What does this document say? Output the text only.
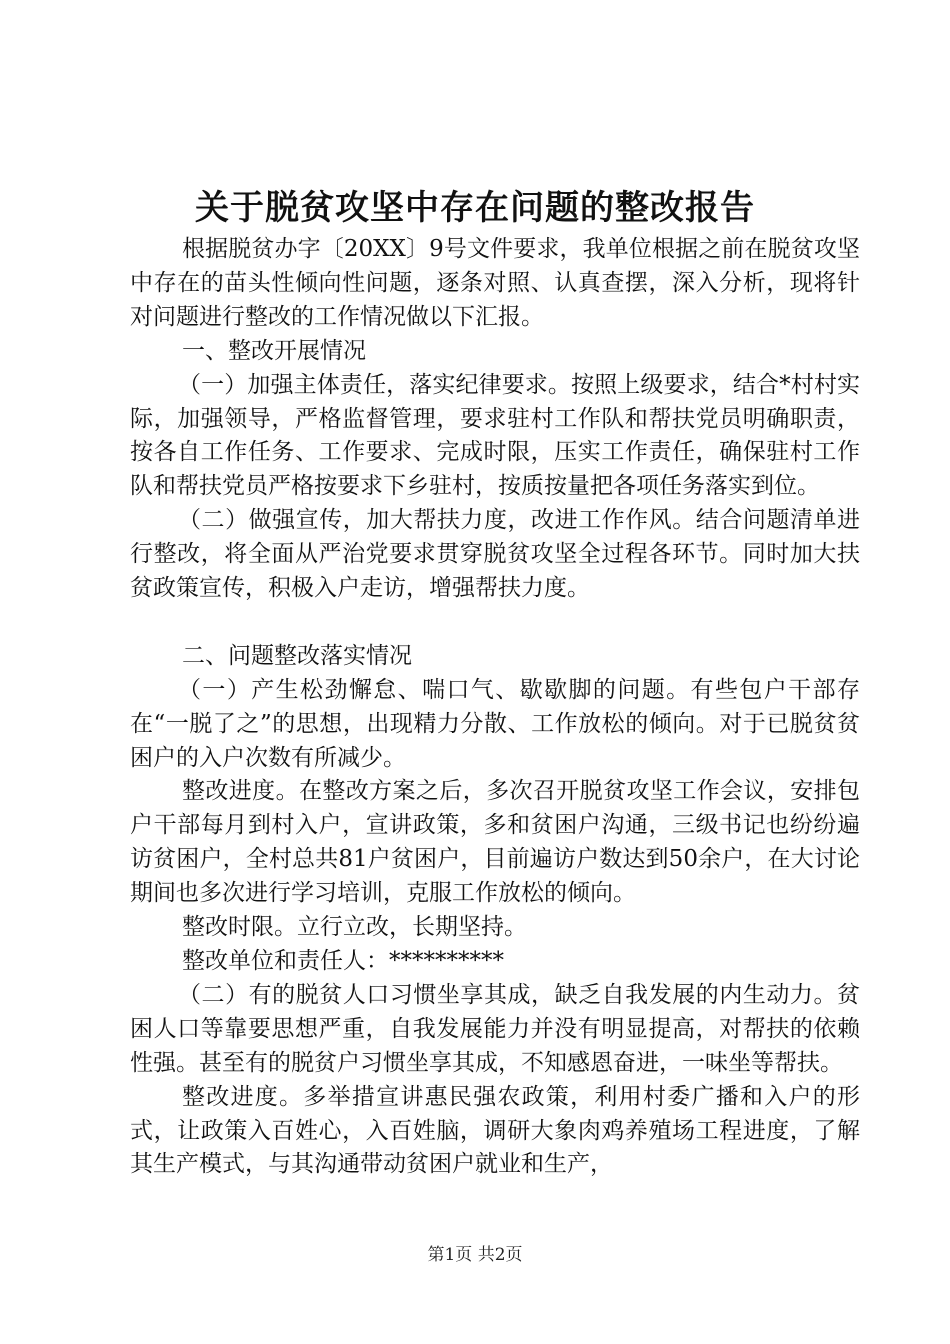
关于脱贫攻坚中存在问题的整改报告

根据脱贫办字〔20XX〕9号文件要求，我单位根据之前在脱贫攻坚中存在的苗头性倾向性问题，逐条对照、认真查摆，深入分析，现将针对问题进行整改的工作情况做以下汇报。

一、整改开展情况

（一）加强主体责任，落实纪律要求。按照上级要求，结合*村村实际，加强领导，严格监督管理，要求驻村工作队和帮扶党员明确职责，按各自工作任务、工作要求、完成时限，压实工作责任，确保驻村工作队和帮扶党员严格按要求下乡驻村，按质按量把各项任务落实到位。

（二）做强宣传，加大帮扶力度，改进工作作风。结合问题清单进行整改，将全面从严治党要求贯穿脱贫攻坚全过程各环节。同时加大扶贫政策宣传，积极入户走访，增强帮扶力度。

二、问题整改落实情况

（一）产生松劲懈怠、喘口气、歇歇脚的问题。有些包户干部存在“一脱了之”的思想，出现精力分散、工作放松的倾向。对于已脱贫贫困户的入户次数有所减少。

整改进度。在整改方案之后，多次召开脱贫攻坚工作会议，安排包户干部每月到村入户，宣讲政策，多和贫困户沟通，三级书记也纷纷遍访贫困户，全村总共81户贫困户，目前遍访户数达到50余户，在大讨论期间也多次进行学习培训，克服工作放松的倾向。

整改时限。立行立改，长期坚持。

整改单位和责任人：**********

（二）有的脱贫人口习惯坐享其成，缺乏自我发展的内生动力。贫困人口等靠要思想严重，自我发展能力并没有明显提高，对帮扶的依赖性强。甚至有的脱贫户习惯坐享其成，不知感恩奋进，一味坐等帮扶。

整改进度。多举措宣讲惠民强农政策，利用村委广播和入户的形式，让政策入百姓心，入百姓脑，调研大象肉鸡养殖场工程进度，了解其生产模式，与其沟通带动贫困户就业和生产，

第1页 共2页
